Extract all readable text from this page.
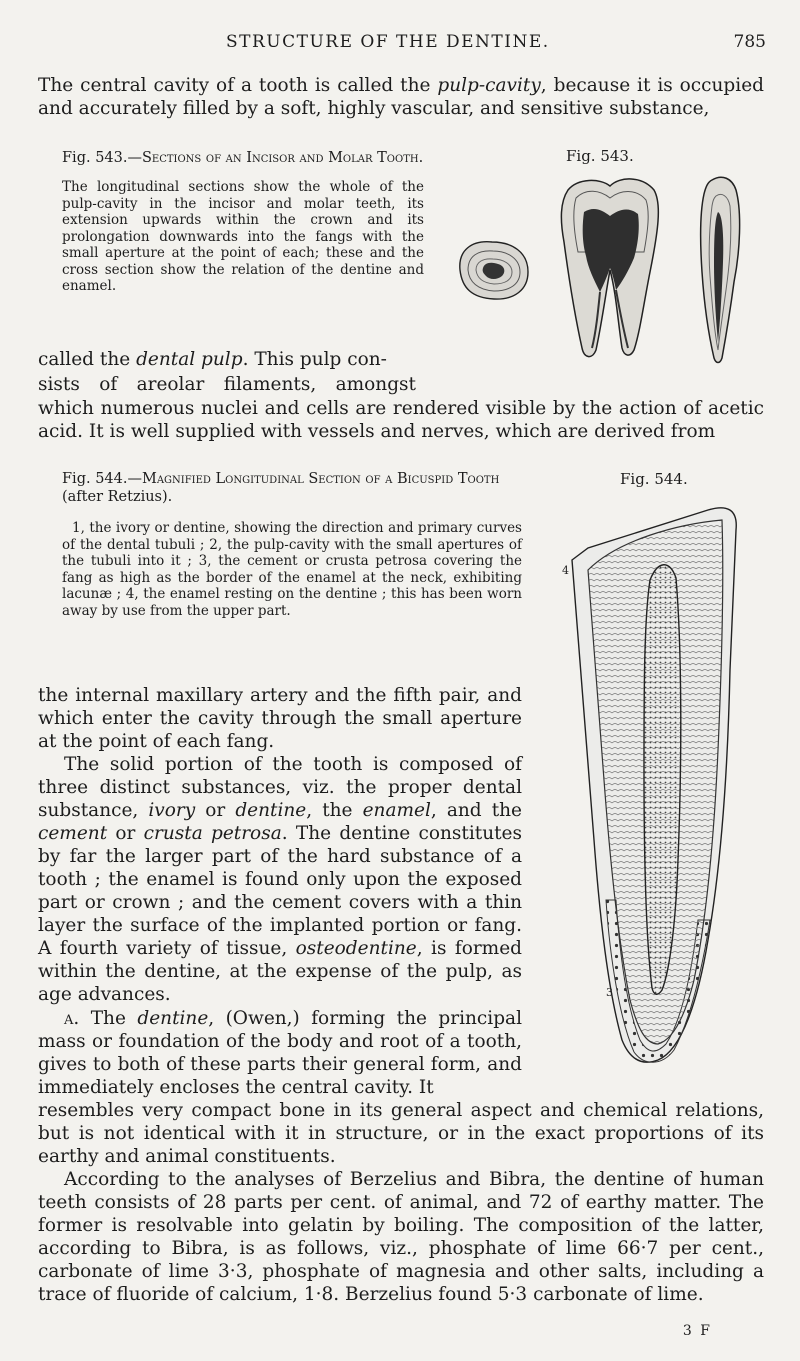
STRUCTURE OF THE DENTINE.	785

The central cavity of a tooth is called the pulp-cavity, because it is occupied and accurately filled by a soft, highly vascular, and sensitive substance,

Fig. 543.—Sections of an Incisor and Molar Tooth.
The longitudinal sections show the whole of the pulp-cavity in the incisor and molar teeth, its extension upwards within the crown and its prolongation downwards into the fangs with the small aperture at the point of each; these and the cross section show the relation of the dentine and enamel.
Fig. 543.

called the dental pulp. This pulp con-

sists of areolar filaments, amongst

which numerous nuclei and cells are rendered visible by the action of acetic acid. It is well supplied with vessels and nerves, which are derived from

Fig. 544.—Magnified Longitudinal Section of a Bicuspid Tooth (after Retzius).
1, the ivory or dentine, showing the direction and primary curves of the dental tubuli ; 2, the pulp-cavity with the small apertures of the tubuli into it ; 3, the cement or crusta petrosa covering the fang as high as the border of the enamel at the neck, exhibiting lacunæ ; 4, the enamel resting on the dentine ; this has been worn away by use from the upper part.
Fig. 544.
4
3

the internal maxillary artery and the fifth pair, and which enter the cavity through the small aperture at the point of each fang.

The solid portion of the tooth is composed of three distinct substances, viz. the proper dental substance, ivory or dentine, the enamel, and the cement or crusta petrosa. The dentine constitutes by far the larger part of the hard substance of a tooth ; the enamel is found only upon the exposed part or crown ; and the cement covers with a thin layer the surface of the implanted portion or fang. A fourth variety of tissue, osteodentine, is formed within the dentine, at the expense of the pulp, as age advances.

a. The dentine, (Owen,) forming the principal mass or foundation of the body and root of a tooth, gives to both of these parts their general form, and immediately encloses the central cavity. It

resembles very compact bone in its general aspect and chemical relations, but is not identical with it in structure, or in the exact proportions of its earthy and animal constituents.

According to the analyses of Berzelius and Bibra, the dentine of human teeth consists of 28 parts per cent. of animal, and 72 of earthy matter. The former is resolvable into gelatin by boiling. The composition of the latter, according to Bibra, is as follows, viz., phosphate of lime 66·7 per cent., carbonate of lime 3·3, phosphate of magnesia and other salts, including a trace of fluoride of calcium, 1·8. Berzelius found 5·3 carbonate of lime.

3 F
